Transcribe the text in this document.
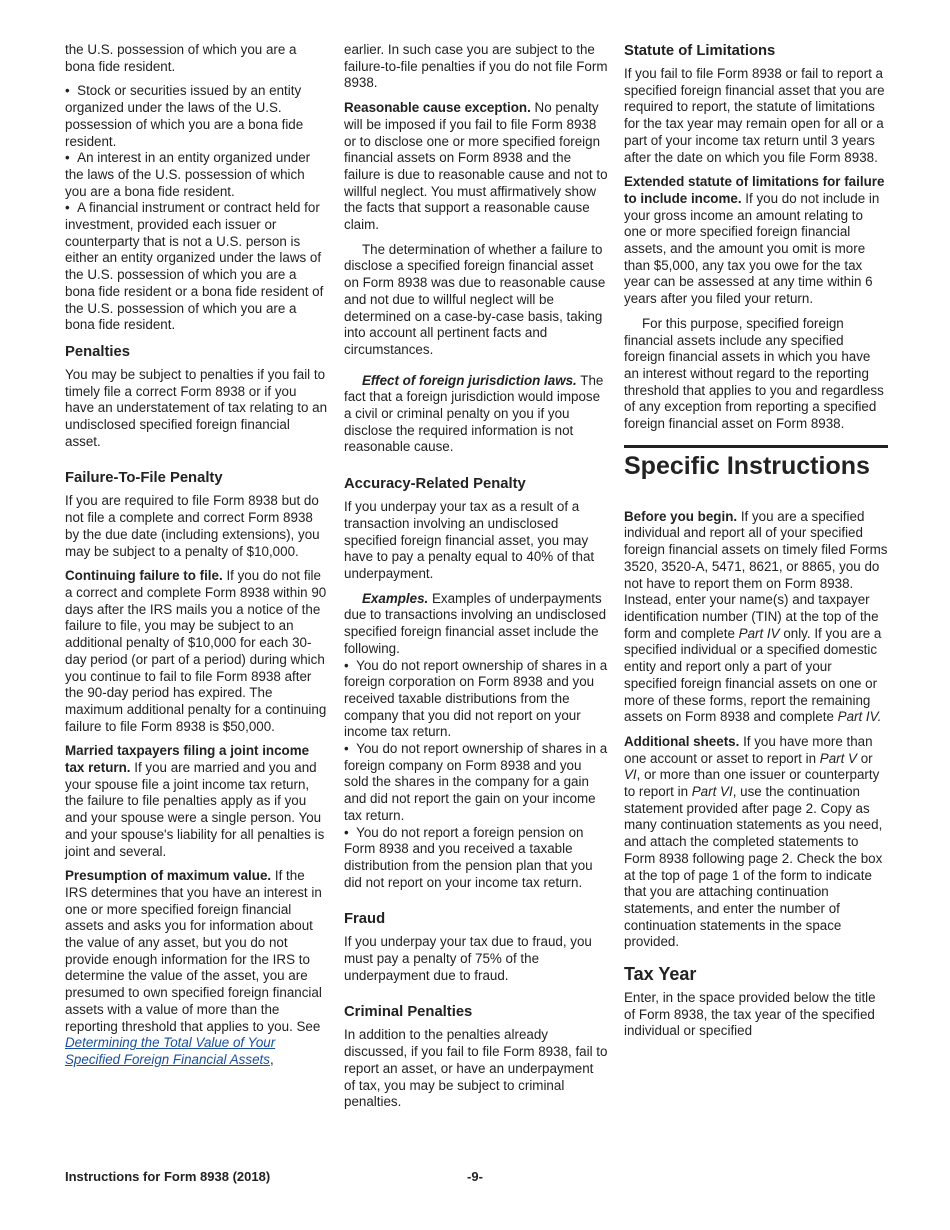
the U.S. possession of which you are a bona fide resident.

•  Stock or securities issued by an entity organized under the laws of the U.S. possession of which you are a bona fide resident.

•  An interest in an entity organized under the laws of the U.S. possession of which you are a bona fide resident.

•  A financial instrument or contract held for investment, provided each issuer or counterparty that is not a U.S. person is either an entity organized under the laws of the U.S. possession of which you are a bona fide resident or a bona fide resident of the U.S. possession of which you are a bona fide resident.

Penalties

You may be subject to penalties if you fail to timely file a correct Form 8938 or if you have an understatement of tax relating to an undisclosed specified foreign financial asset.

Failure-To-File Penalty

If you are required to file Form 8938 but do not file a complete and correct Form 8938 by the due date (including extensions), you may be subject to a penalty of $10,000.

Continuing failure to file. If you do not file a correct and complete Form 8938 within 90 days after the IRS mails you a notice of the failure to file, you may be subject to an additional penalty of $10,000 for each 30-day period (or part of a period) during which you continue to fail to file Form 8938 after the 90-day period has expired. The maximum additional penalty for a continuing failure to file Form 8938 is $50,000.

Married taxpayers filing a joint income tax return. If you are married and you and your spouse file a joint income tax return, the failure to file penalties apply as if you and your spouse were a single person. You and your spouse's liability for all penalties is joint and several.

Presumption of maximum value. If the IRS determines that you have an interest in one or more specified foreign financial assets and asks you for information about the value of any asset, but you do not provide enough information for the IRS to determine the value of the asset, you are presumed to own specified foreign financial assets with a value of more than the reporting threshold that applies to you. See Determining the Total Value of Your Specified Foreign Financial Assets,

earlier. In such case you are subject to the failure-to-file penalties if you do not file Form 8938.

Reasonable cause exception. No penalty will be imposed if you fail to file Form 8938 or to disclose one or more specified foreign financial assets on Form 8938 and the failure is due to reasonable cause and not to willful neglect. You must affirmatively show the facts that support a reasonable cause claim.

The determination of whether a failure to disclose a specified foreign financial asset on Form 8938 was due to reasonable cause and not due to willful neglect will be determined on a case-by-case basis, taking into account all pertinent facts and circumstances.

Effect of foreign jurisdiction laws. The fact that a foreign jurisdiction would impose a civil or criminal penalty on you if you disclose the required information is not reasonable cause.

Accuracy-Related Penalty

If you underpay your tax as a result of a transaction involving an undisclosed specified foreign financial asset, you may have to pay a penalty equal to 40% of that underpayment.

Examples. Examples of underpayments due to transactions involving an undisclosed specified foreign financial asset include the following.

•  You do not report ownership of shares in a foreign corporation on Form 8938 and you received taxable distributions from the company that you did not report on your income tax return.

•  You do not report ownership of shares in a foreign company on Form 8938 and you sold the shares in the company for a gain and did not report the gain on your income tax return.

•  You do not report a foreign pension on Form 8938 and you received a taxable distribution from the pension plan that you did not report on your income tax return.

Fraud

If you underpay your tax due to fraud, you must pay a penalty of 75% of the underpayment due to fraud.

Criminal Penalties

In addition to the penalties already discussed, if you fail to file Form 8938, fail to report an asset, or have an underpayment of tax, you may be subject to criminal penalties.

Statute of Limitations

If you fail to file Form 8938 or fail to report a specified foreign financial asset that you are required to report, the statute of limitations for the tax year may remain open for all or a part of your income tax return until 3 years after the date on which you file Form 8938.

Extended statute of limitations for failure to include income. If you do not include in your gross income an amount relating to one or more specified foreign financial assets, and the amount you omit is more than $5,000, any tax you owe for the tax year can be assessed at any time within 6 years after you filed your return.

For this purpose, specified foreign financial assets include any specified foreign financial assets in which you have an interest without regard to the reporting threshold that applies to you and regardless of any exception from reporting a specified foreign financial asset on Form 8938.

Specific Instructions

Before you begin. If you are a specified individual and report all of your specified foreign financial assets on timely filed Forms 3520, 3520-A, 5471, 8621, or 8865, you do not have to report them on Form 8938. Instead, enter your name(s) and taxpayer identification number (TIN) at the top of the form and complete Part IV only. If you are a specified individual or a specified domestic entity and report only a part of your specified foreign financial assets on one or more of these forms, report the remaining assets on Form 8938 and complete Part IV.

Additional sheets. If you have more than one account or asset to report in Part V or VI, or more than one issuer or counterparty to report in Part VI, use the continuation statement provided after page 2. Copy as many continuation statements as you need, and attach the completed statements to Form 8938 following page 2. Check the box at the top of page 1 of the form to indicate that you are attaching continuation statements, and enter the number of continuation statements in the space provided.

Tax Year

Enter, in the space provided below the title of Form 8938, the tax year of the specified individual or specified

Instructions for Form 8938 (2018)	-9-
